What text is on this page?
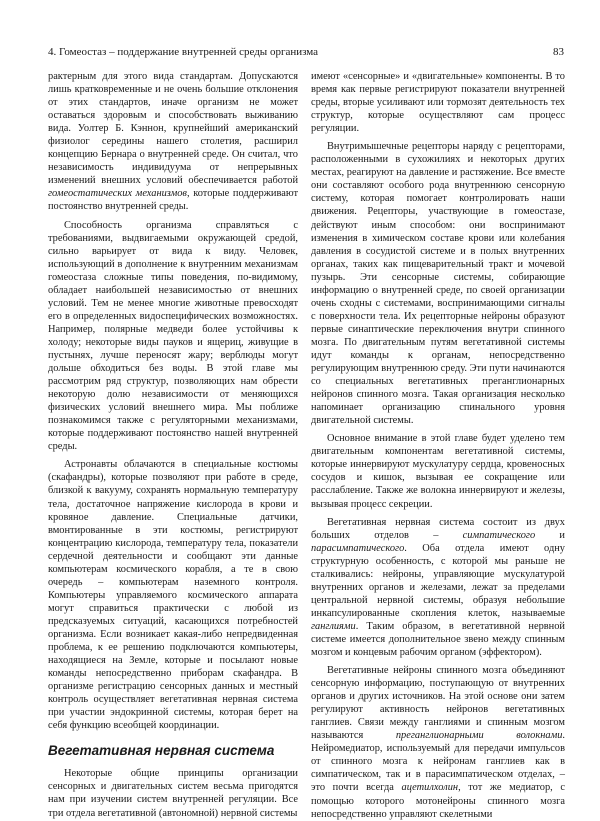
4. Гомеостаз – поддержание внутренней среды организма	83

рактерным для этого вида стандартам. Допускаются лишь кратковременные и не очень большие отклонения от этих стандартов, иначе организм не может оставаться здоровым и способствовать выживанию вида. Уолтер Б. Кэннон, крупнейший американский физиолог середины нашего столетия, расширил концепцию Бернара о внутренней среде. Он считал, что независимость индивидуума от непрерывных изменений внешних условий обеспечивается работой гомеостатических механизмов, которые поддерживают постоянство внутренней среды.

Способность организма справляться с требованиями, выдвигаемыми окружающей средой, сильно варьирует от вида к виду. Человек, использующий в дополнение к внутренним механизмам гомеостаза сложные типы поведения, по-видимому, обладает наибольшей независимостью от внешних условий. Тем не менее многие животные превосходят его в определенных видоспецифических возможностях. Например, полярные медведи более устойчивы к холоду; некоторые виды пауков и ящериц, живущие в пустынях, лучше переносят жару; верблюды могут дольше обходиться без воды. В этой главе мы рассмотрим ряд структур, позволяющих нам обрести некоторую долю независимости от меняющихся физических условий внешнего мира. Мы поближе познакомимся также с регуляторными механизмами, которые поддерживают постоянство нашей внутренней среды.

Астронавты облачаются в специальные костюмы (скафандры), которые позволяют при работе в среде, близкой к вакууму, сохранять нормальную температуру тела, достаточное напряжение кислорода в крови и кровяное давление. Специальные датчики, вмонтированные в эти костюмы, регистрируют концентрацию кислорода, температуру тела, показатели сердечной деятельности и сообщают эти данные компьютерам космического корабля, а те в свою очередь – компьютерам наземного контроля. Компьютеры управляемого космического аппарата могут справиться практически с любой из предсказуемых ситуаций, касающихся потребностей организма. Если возникает какая-либо непредвиденная проблема, к ее решению подключаются компьютеры, находящиеся на Земле, которые и посылают новые команды непосредственно приборам скафандра. В организме регистрацию сенсорных данных и местный контроль осуществляет вегетативная нервная система при участии эндокринной системы, которая берет на себя функцию всеобщей координации.

Вегетативная нервная система

Некоторые общие принципы организации сенсорных и двигательных систем весьма пригодятся нам при изучении систем внутренней регуляции. Все три отдела вегетативной (автономной) нервной системы

имеют «сенсорные» и «двигательные» компоненты. В то время как первые регистрируют показатели внутренней среды, вторые усиливают или тормозят деятельность тех структур, которые осуществляют сам процесс регуляции.

Внутримышечные рецепторы наряду с рецепторами, расположенными в сухожилиях и некоторых других местах, реагируют на давление и растяжение. Все вместе они составляют особого рода внутреннюю сенсорную систему, которая помогает контролировать наши движения. Рецепторы, участвующие в гомеостазе, действуют иным способом: они воспринимают изменения в химическом составе крови или колебания давления в сосудистой системе и в полых внутренних органах, таких как пищеварительный тракт и мочевой пузырь. Эти сенсорные системы, собирающие информацию о внутренней среде, по своей организации очень сходны с системами, воспринимающими сигналы с поверхности тела. Их рецепторные нейроны образуют первые синаптические переключения внутри спинного мозга. По двигательным путям вегетативной системы идут команды к органам, непосредственно регулирующим внутреннюю среду. Эти пути начинаются со специальных вегетативных преганглионарных нейронов спинного мозга. Такая организация несколько напоминает организацию спинального уровня двигательной системы.

Основное внимание в этой главе будет уделено тем двигательным компонентам вегетативной системы, которые иннервируют мускулатуру сердца, кровеносных сосудов и кишок, вызывая ее сокращение или расслабление. Также же волокна иннервируют и железы, вызывая процесс секреции.

Вегетативная нервная система состоит из двух больших отделов – симпатического и парасимпатического. Оба отдела имеют одну структурную особенность, с которой мы раньше не сталкивались: нейроны, управляющие мускулатурой внутренних органов и железами, лежат за пределами центральной нервной системы, образуя небольшие инкапсулированные скопления клеток, называемые ганглиями. Таким образом, в вегетативной нервной системе имеется дополнительное звено между спинным мозгом и концевым рабочим органом (эффектором).

Вегетативные нейроны спинного мозга объединяют сенсорную информацию, поступающую от внутренних органов и других источников. На этой основе они затем регулируют активность нейронов вегетативных ганглиев. Связи между ганглиями и спинным мозгом называются преганглионарными волокнами. Нейромедиатор, используемый для передачи импульсов от спинного мозга к нейронам ганглиев как в симпатическом, так и в парасимпатическом отделах, – это почти всегда ацетилхолин, тот же медиатор, с помощью которого мотонейроны спинного мозга непосредственно управляют скелетными
